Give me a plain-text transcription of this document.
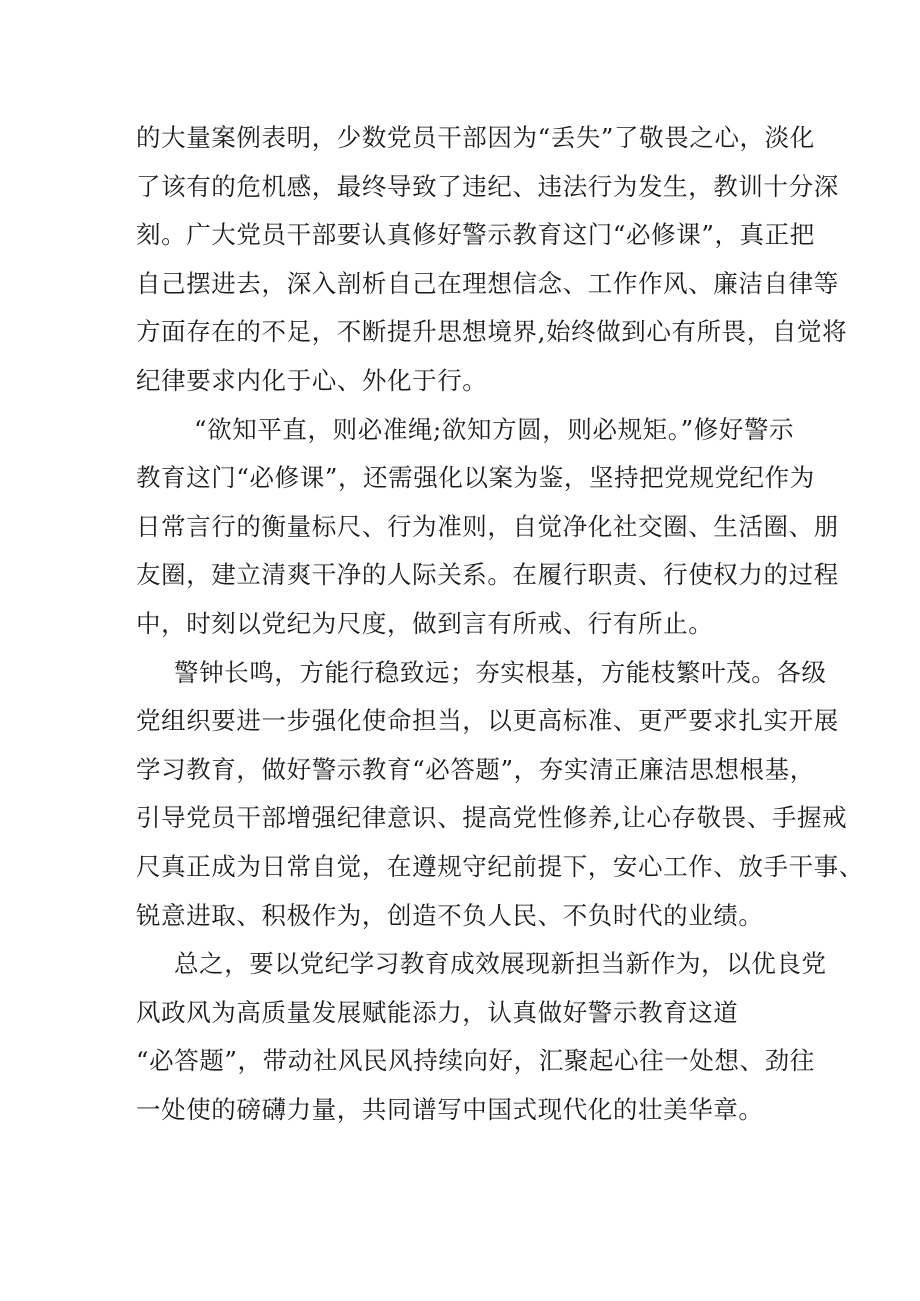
的大量案例表明，少数党员干部因为“丢失”了敬畏之心，淡化
了该有的危机感，最终导致了违纪、违法行为发生，教训十分深
刻。广大党员干部要认真修好警示教育这门“必修课”，真正把
自己摆进去，深入剖析自己在理想信念、工作作风、廉洁自律等
方面存在的不足，不断提升思想境界,始终做到心有所畏，自觉将
纪律要求内化于心、外化于行。
“欲知平直，则必准绳;欲知方圆，则必规矩。”修好警示
教育这门“必修课”，还需强化以案为鉴，坚持把党规党纪作为
日常言行的衡量标尺、行为准则，自觉净化社交圈、生活圈、朋
友圈，建立清爽干净的人际关系。在履行职责、行使权力的过程
中，时刻以党纪为尺度，做到言有所戒、行有所止。
警钟长鸣，方能行稳致远；夯实根基，方能枝繁叶茂。各级
党组织要进一步强化使命担当，以更高标准、更严要求扎实开展
学习教育，做好警示教育“必答题”，夯实清正廉洁思想根基，
引导党员干部增强纪律意识、提高党性修养,让心存敬畏、手握戒
尺真正成为日常自觉，在遵规守纪前提下，安心工作、放手干事、
锐意进取、积极作为，创造不负人民、不负时代的业绩。
总之，要以党纪学习教育成效展现新担当新作为，以优良党
风政风为高质量发展赋能添力，认真做好警示教育这道
“必答题”，带动社风民风持续向好，汇聚起心往一处想、劲往
一处使的磅礴力量，共同谱写中国式现代化的壮美华章。
